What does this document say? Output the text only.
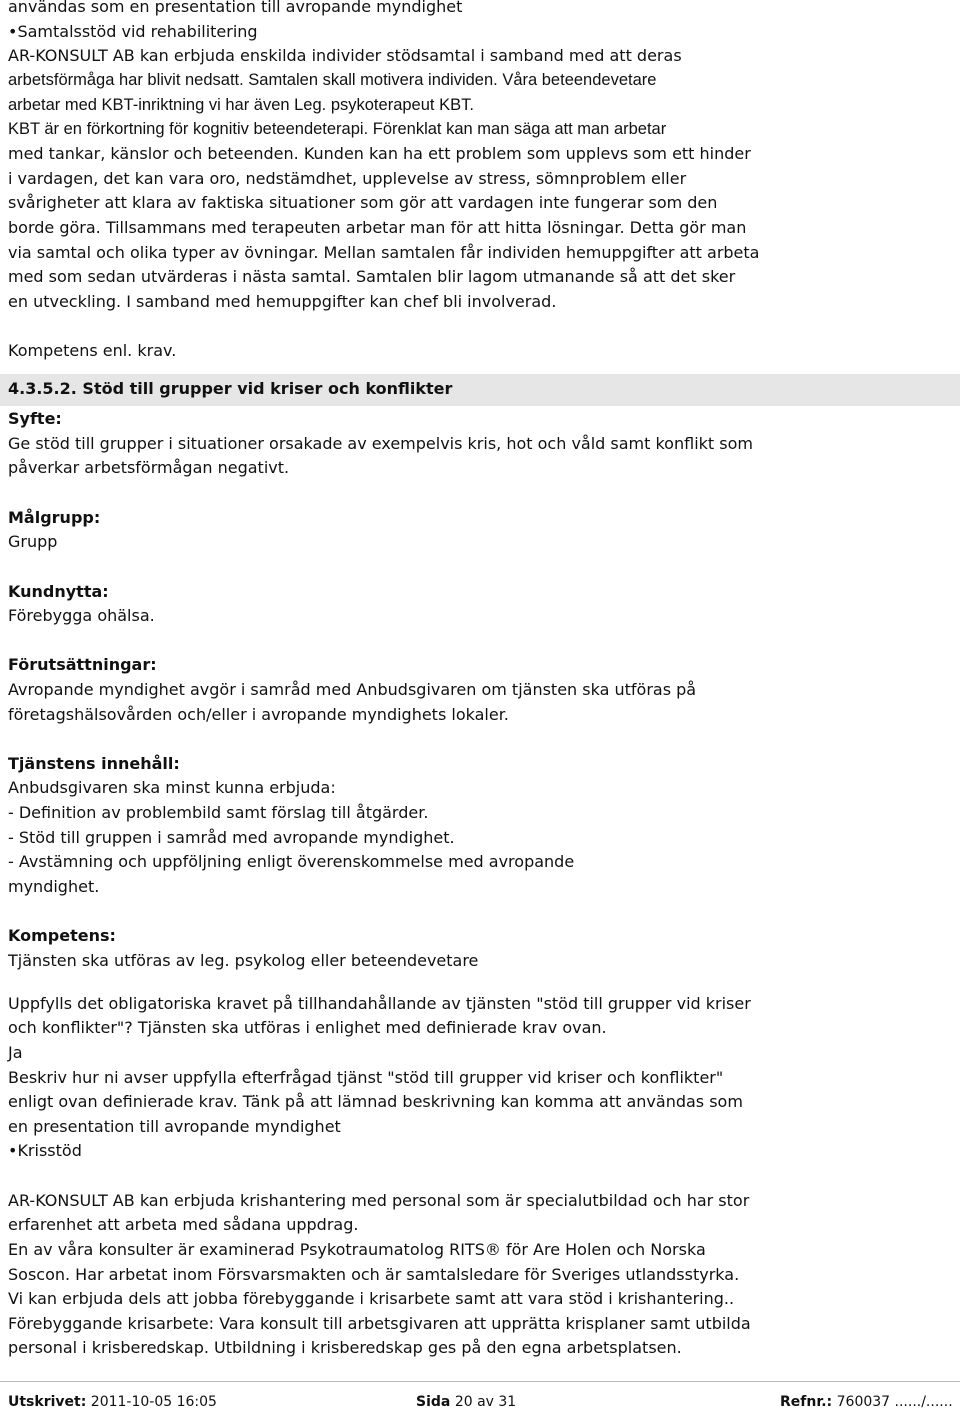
användas som en presentation till avropande myndighet
•Samtalsstöd vid rehabilitering
AR-KONSULT AB kan erbjuda enskilda individer stödsamtal i samband med att deras
arbetsförmåga har blivit nedsatt. Samtalen skall motivera individen. Våra beteendevetare
arbetar med KBT-inriktning vi har även Leg. psykoterapeut KBT.
KBT är en förkortning för kognitiv beteendeterapi. Förenklat kan man säga att man arbetar
med tankar, känslor och beteenden. Kunden kan ha ett problem som upplevs som ett hinder
i vardagen, det kan vara oro, nedstämdhet, upplevelse av stress, sömnproblem eller
svårigheter att klara av faktiska situationer som gör att vardagen inte fungerar som den
borde göra. Tillsammans med terapeuten arbetar man för att hitta lösningar. Detta gör man
via samtal och olika typer av övningar. Mellan samtalen får individen hemuppgifter att arbeta
med som sedan utvärderas i nästa samtal. Samtalen blir lagom utmanande så att det sker
en utveckling. I samband med hemuppgifter kan chef bli involverad.
Kompetens enl. krav.
4.3.5.2. Stöd till grupper vid kriser och konflikter
Syfte:
Ge stöd till grupper i situationer orsakade av exempelvis kris, hot och våld samt konflikt som
påverkar arbetsförmågan negativt.
Målgrupp:
Grupp
Kundnytta:
Förebygga ohälsa.
Förutsättningar:
Avropande myndighet avgör i samråd med Anbudsgivaren om tjänsten ska utföras på
företagshälsovården och/eller i avropande myndighets lokaler.
Tjänstens innehåll:
Anbudsgivaren ska minst kunna erbjuda:
- Definition av problembild samt förslag till åtgärder.
- Stöd till gruppen i samråd med avropande myndighet.
- Avstämning och uppföljning enligt överenskommelse med avropande
myndighet.
Kompetens:
Tjänsten ska utföras av leg. psykolog eller beteendevetare
Uppfylls det obligatoriska kravet på tillhandahållande av tjänsten "stöd till grupper vid kriser
och konflikter"? Tjänsten ska utföras i enlighet med definierade krav ovan.
Ja
Beskriv hur ni avser uppfylla efterfrågad tjänst "stöd till grupper vid kriser och konflikter"
enligt ovan definierade krav. Tänk på att lämnad beskrivning kan komma att användas som
en presentation till avropande myndighet
•Krisstöd
AR-KONSULT AB kan erbjuda krishantering med personal som är specialutbildad och har stor
erfarenhet att arbeta med sådana uppdrag.
En av våra konsulter är examinerad Psykotraumatolog RITS® för Are Holen och Norska
Soscon. Har arbetat inom Försvarsmakten och är samtalsledare för Sveriges utlandsstyrka.
Vi kan erbjuda dels att jobba förebyggande i krisarbete samt att vara stöd i krishantering..
Förebyggande krisarbete: Vara konsult till arbetsgivaren att upprätta krisplaner samt utbilda
personal i krisberedskap. Utbildning i krisberedskap ges på den egna arbetsplatsen.
Utskrivet: 2011-10-05 16:05	Sida 20 av 31	Refnr.: 760037 ....../......
